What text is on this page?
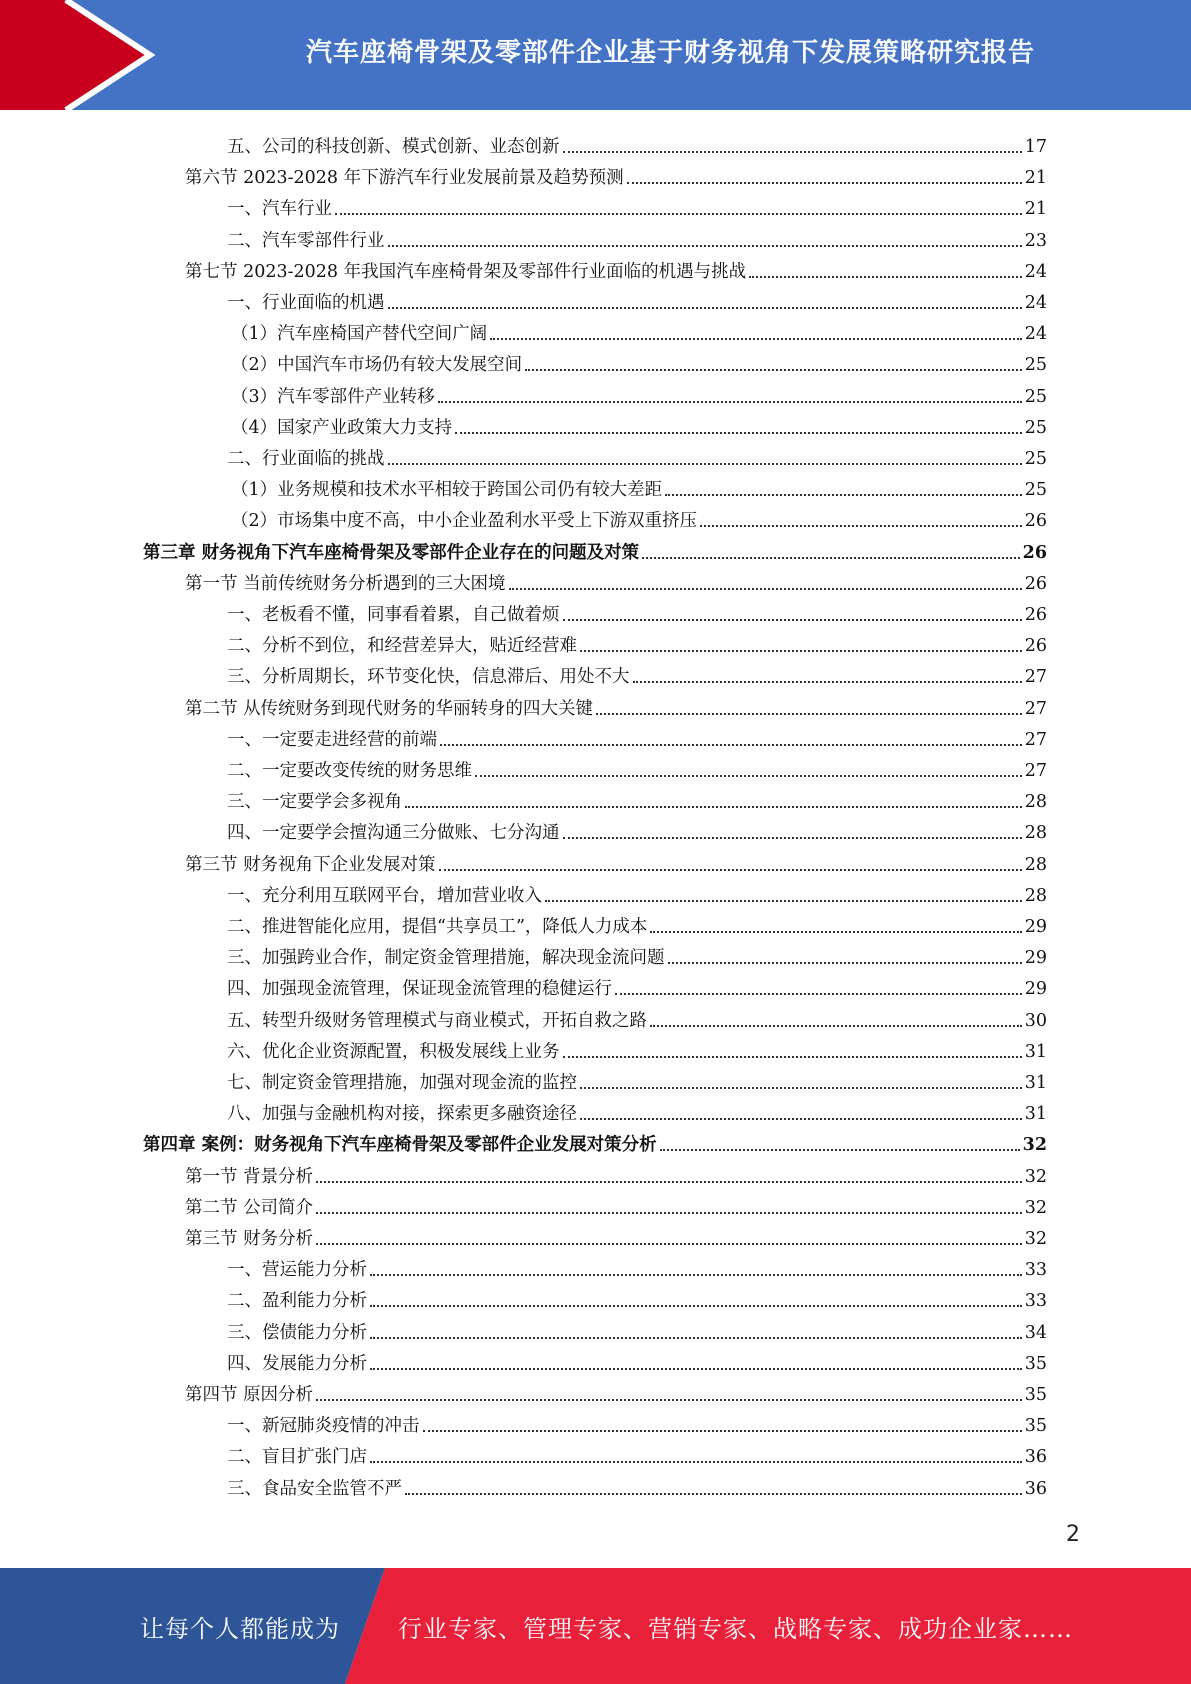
汽车座椅骨架及零部件企业基于财务视角下发展策略研究报告
五、公司的科技创新、模式创新、业态创新	17
第六节 2023-2028 年下游汽车行业发展前景及趋势预测	21
一、汽车行业	21
二、汽车零部件行业	23
第七节 2023-2028 年我国汽车座椅骨架及零部件行业面临的机遇与挑战	24
一、行业面临的机遇	24
（1）汽车座椅国产替代空间广阔	24
（2）中国汽车市场仍有较大发展空间	25
（3）汽车零部件产业转移	25
（4）国家产业政策大力支持	25
二、行业面临的挑战	25
（1）业务规模和技术水平相较于跨国公司仍有较大差距	25
（2）市场集中度不高，中小企业盈利水平受上下游双重挤压	26
第三章 财务视角下汽车座椅骨架及零部件企业存在的问题及对策	26
第一节 当前传统财务分析遇到的三大困境	26
一、老板看不懂，同事看着累，自己做着烦	26
二、分析不到位，和经营差异大，贴近经营难	26
三、分析周期长，环节变化快，信息滞后、用处不大	27
第二节 从传统财务到现代财务的华丽转身的四大关键	27
一、一定要走进经营的前端	27
二、一定要改变传统的财务思维	27
三、一定要学会多视角	28
四、一定要学会擅沟通三分做账、七分沟通	28
第三节 财务视角下企业发展对策	28
一、充分利用互联网平台，增加营业收入	28
二、推进智能化应用，提倡“共享员工”，降低人力成本	29
三、加强跨业合作，制定资金管理措施，解决现金流问题	29
四、加强现金流管理，保证现金流管理的稳健运行	29
五、转型升级财务管理模式与商业模式，开拓自救之路	30
六、优化企业资源配置，积极发展线上业务	31
七、制定资金管理措施，加强对现金流的监控	31
八、加强与金融机构对接，探索更多融资途径	31
第四章 案例：财务视角下汽车座椅骨架及零部件企业发展对策分析	32
第一节 背景分析	32
第二节 公司简介	32
第三节 财务分析	32
一、营运能力分析	33
二、盈利能力分析	33
三、偿债能力分析	34
四、发展能力分析	35
第四节 原因分析	35
一、新冠肺炎疫情的冲击	35
二、盲目扩张门店	36
三、食品安全监管不严	36
2
让每个人都能成为 行业专家、管理专家、营销专家、战略专家、成功企业家……
